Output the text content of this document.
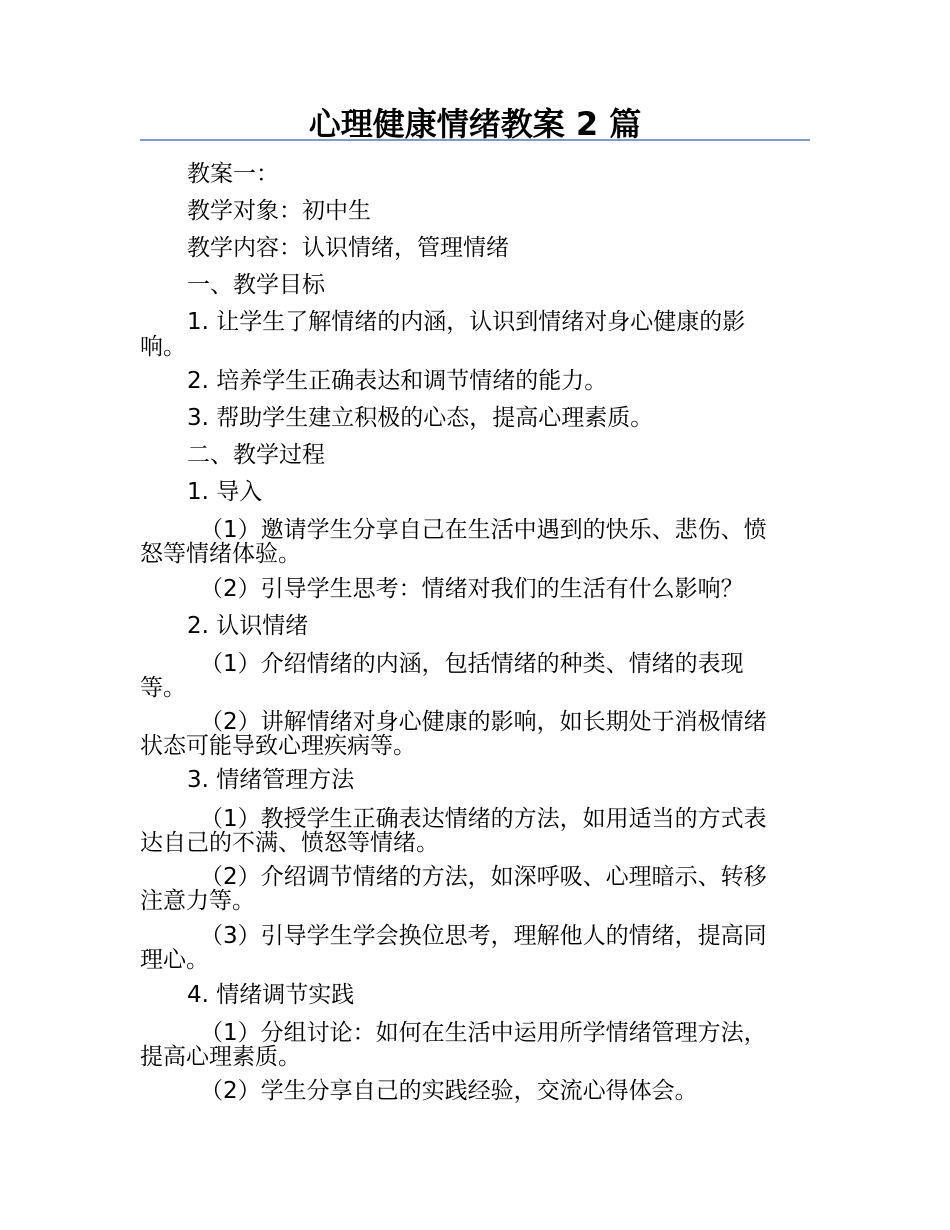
心理健康情绪教案 2 篇
教案一：
教学对象：初中生
教学内容：认识情绪，管理情绪
一、教学目标
1. 让学生了解情绪的内涵，认识到情绪对身心健康的影
响。
2. 培养学生正确表达和调节情绪的能力。
3. 帮助学生建立积极的心态，提高心理素质。
二、教学过程
1. 导入
（1）邀请学生分享自己在生活中遇到的快乐、悲伤、愤
怒等情绪体验。
（2）引导学生思考：情绪对我们的生活有什么影响？
2. 认识情绪
（1）介绍情绪的内涵，包括情绪的种类、情绪的表现
等。
（2）讲解情绪对身心健康的影响，如长期处于消极情绪
状态可能导致心理疾病等。
3. 情绪管理方法
（1）教授学生正确表达情绪的方法，如用适当的方式表
达自己的不满、愤怒等情绪。
（2）介绍调节情绪的方法，如深呼吸、心理暗示、转移
注意力等。
（3）引导学生学会换位思考，理解他人的情绪，提高同
理心。
4. 情绪调节实践
（1）分组讨论：如何在生活中运用所学情绪管理方法，
提高心理素质。
（2）学生分享自己的实践经验，交流心得体会。
